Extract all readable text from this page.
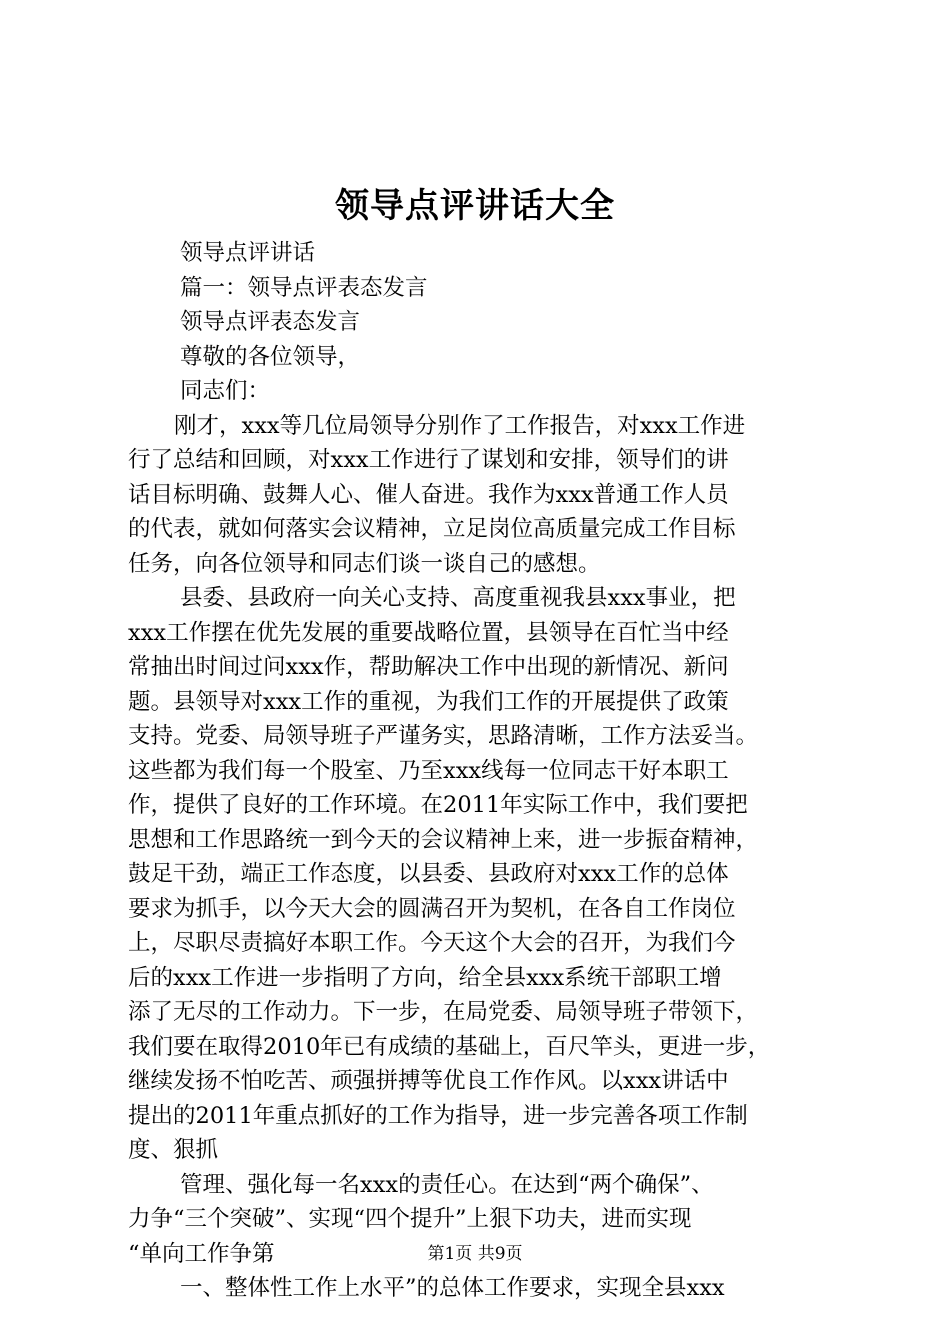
领导点评讲话大全
领导点评讲话
篇一：领导点评表态发言
领导点评表态发言
尊敬的各位领导，
同志们：
刚才，xxx等几位局领导分别作了工作报告，对xxx工作进
行了总结和回顾，对xxx工作进行了谋划和安排，领导们的讲
话目标明确、鼓舞人心、催人奋进。我作为xxx普通工作人员
的代表，就如何落实会议精神，立足岗位高质量完成工作目标
任务，向各位领导和同志们谈一谈自己的感想。
县委、县政府一向关心支持、高度重视我县xxx事业，把
xxx工作摆在优先发展的重要战略位置，县领导在百忙当中经
常抽出时间过问xxx作，帮助解决工作中出现的新情况、新问
题。县领导对xxx工作的重视，为我们工作的开展提供了政策
支持。党委、局领导班子严谨务实，思路清晰，工作方法妥当。
这些都为我们每一个股室、乃至xxx线每一位同志干好本职工
作，提供了良好的工作环境。在2011年实际工作中，我们要把
思想和工作思路统一到今天的会议精神上来，进一步振奋精神，
鼓足干劲，端正工作态度，以县委、县政府对xxx工作的总体
要求为抓手，以今天大会的圆满召开为契机，在各自工作岗位
上，尽职尽责搞好本职工作。今天这个大会的召开，为我们今
后的xxx工作进一步指明了方向，给全县xxx系统干部职工增
添了无尽的工作动力。下一步，在局党委、局领导班子带领下，
我们要在取得2010年已有成绩的基础上，百尺竿头，更进一步，
继续发扬不怕吃苦、顽强拼搏等优良工作作风。以xxx讲话中
提出的2011年重点抓好的工作为指导，进一步完善各项工作制
度、狠抓
管理、强化每一名xxx的责任心。在达到“两个确保”、
力争“三个突破”、实现“四个提升”上狠下功夫，进而实现
“单向工作争第
一、整体性工作上水平”的总体工作要求，实现全县xxx
第1页 共9页
